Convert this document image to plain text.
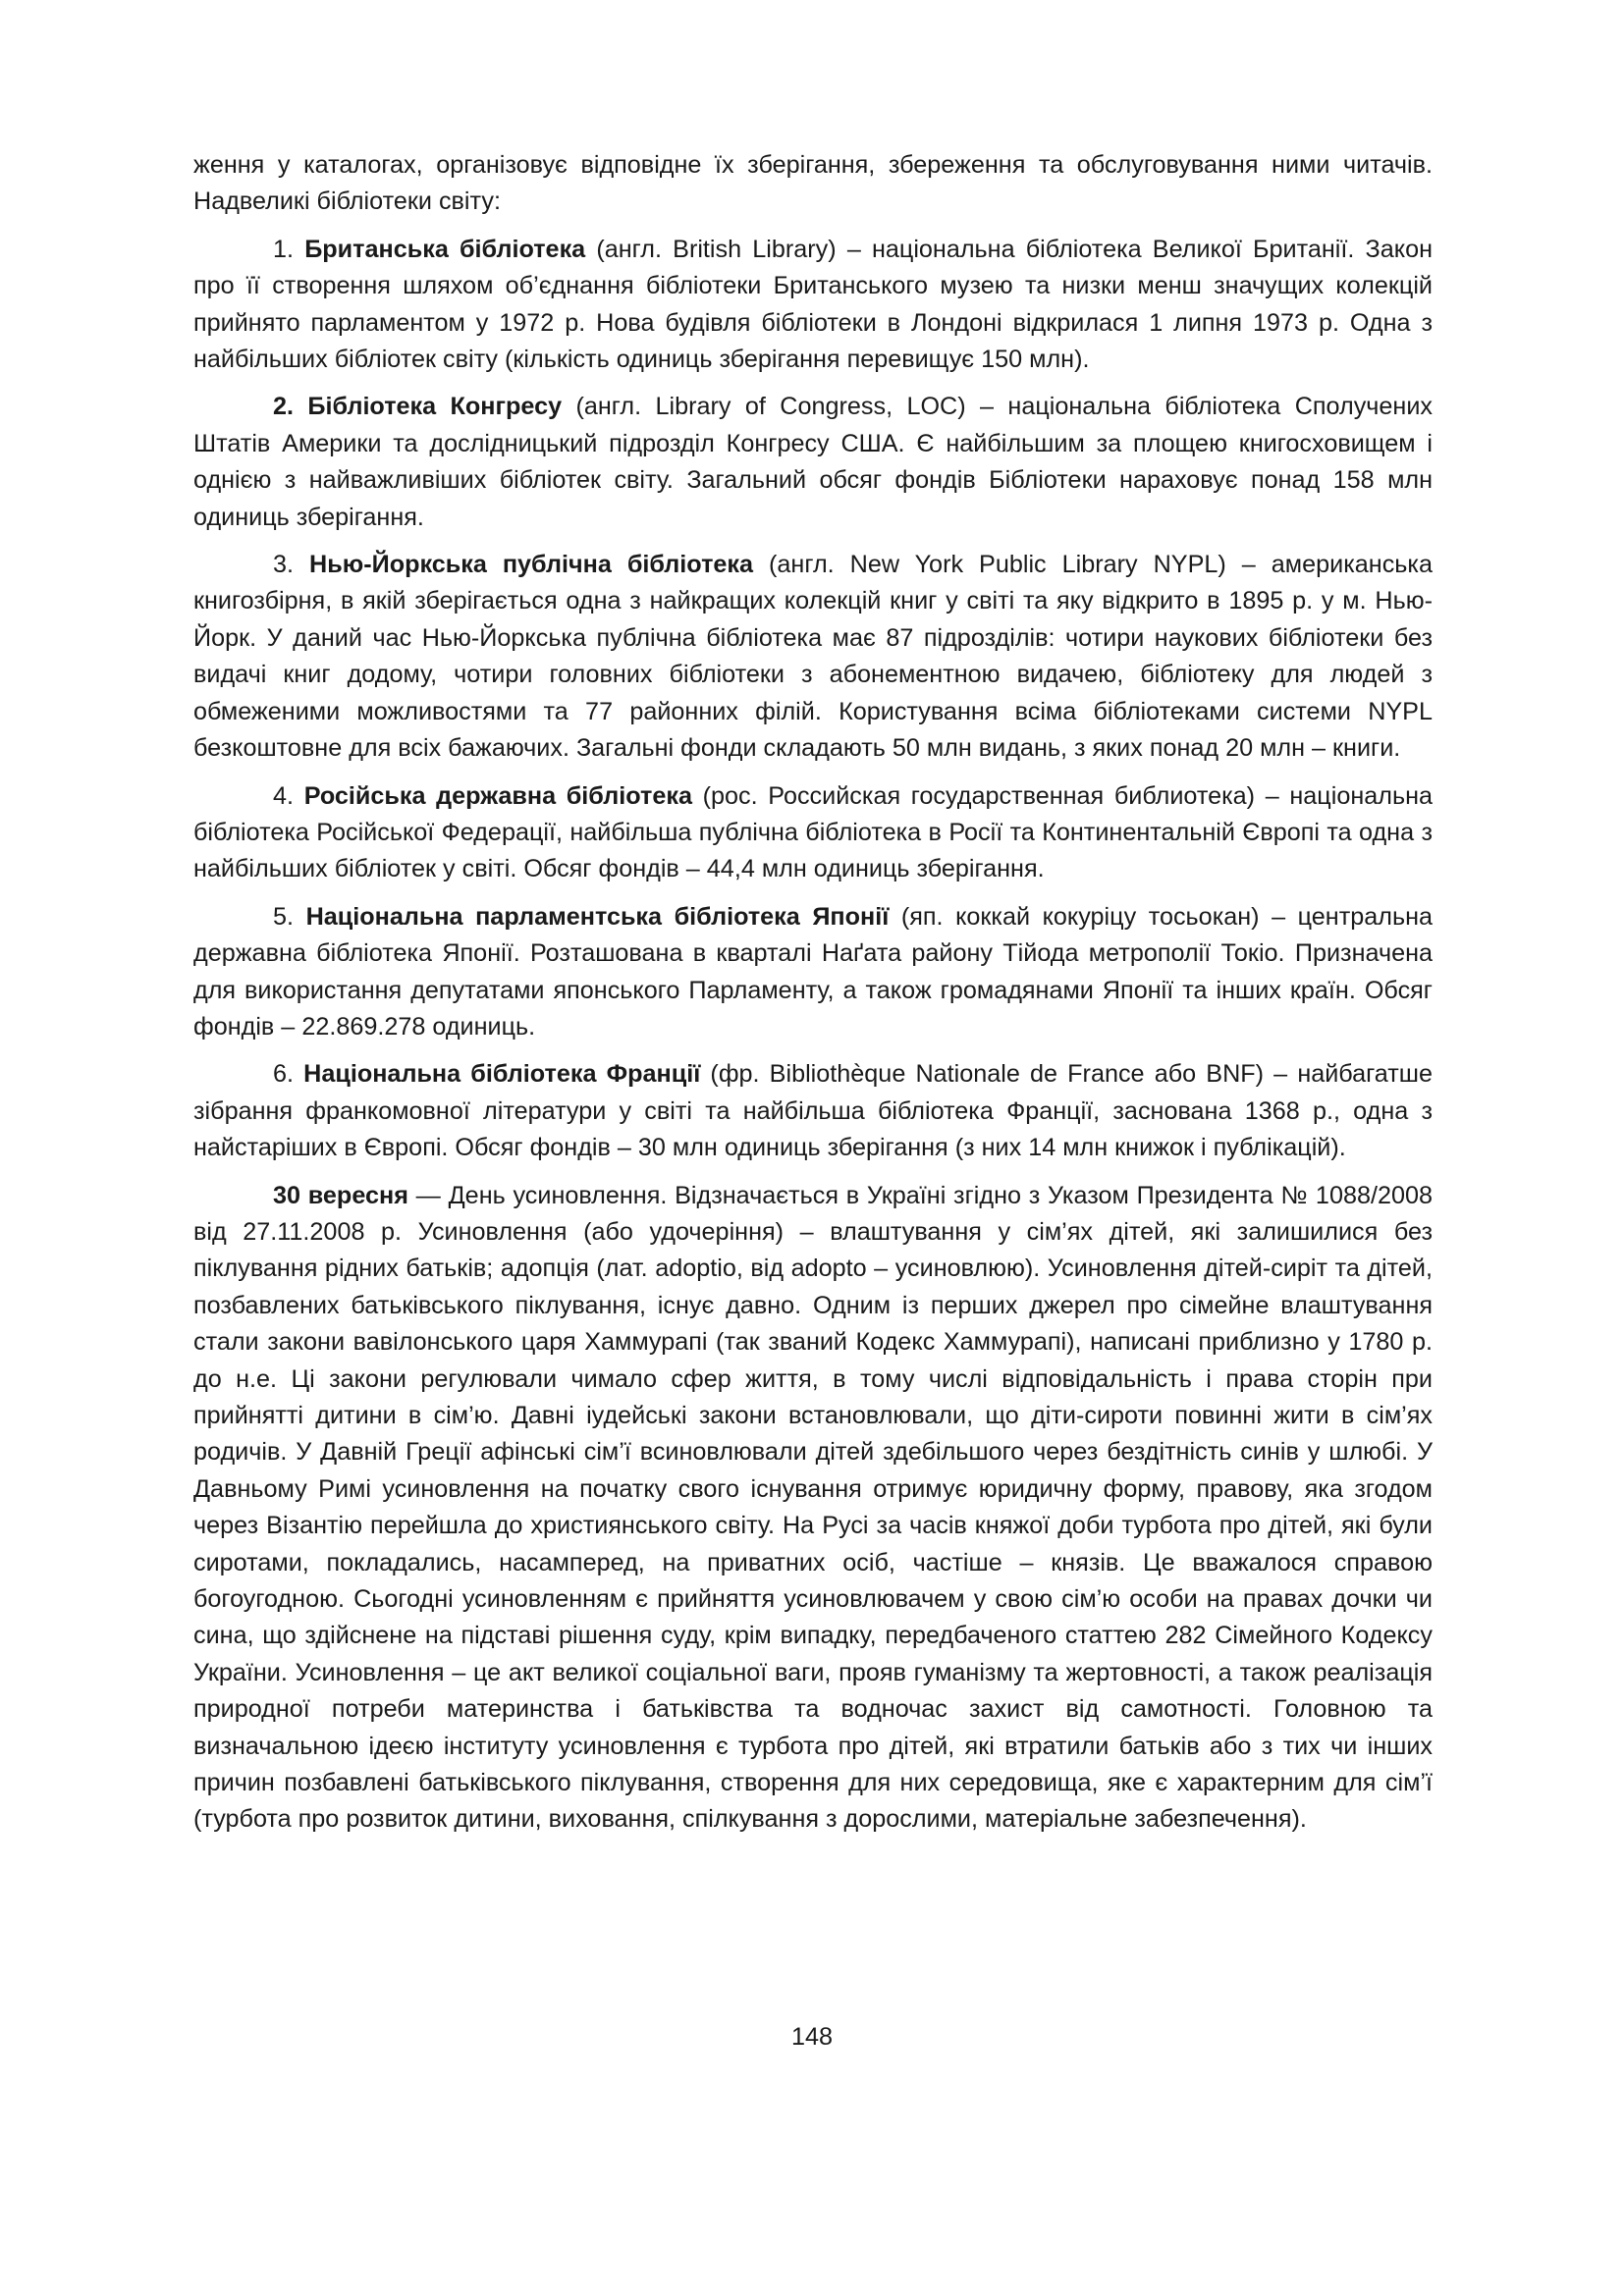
ження у каталогах, організовує відповідне їх зберігання, збереження та обслуговування ними читачів. Надвеликі бібліотеки світу:

1. Британська бібліотека (англ. British Library) – національна бібліотека Великої Британії. Закон про її створення шляхом об’єднання бібліотеки Британського музею та низки менш значущих колекцій прийнято парламентом у 1972 р. Нова будівля бібліотеки в Лондоні відкрилася 1 липня 1973 р. Одна з найбільших бібліотек світу (кількість одиниць зберігання перевищує 150 млн).

2. Бібліотека Конгресу (англ. Library of Congress, LOC) – національна бібліотека Сполучених Штатів Америки та дослідницький підрозділ Конгресу США. Є найбільшим за площею книгосховищем і однією з найважливіших бібліотек світу. Загальний обсяг фондів Бібліотеки нараховує понад 158 млн одиниць зберігання.

3. Нью-Йоркська публічна бібліотека (англ. New York Public Library NYPL) – американська книгозбірня, в якій зберігається одна з найкращих колекцій книг у світі та яку відкрито в 1895 р. у м. Нью-Йорк. У даний час Нью-Йоркська публічна бібліотека має 87 підрозділів: чотири наукових бібліотеки без видачі книг додому, чотири головних бібліотеки з абонементною видачею, бібліотеку для людей з обмеженими можливостями та 77 районних філій. Користування всіма бібліотеками системи NYPL безкоштовне для всіх бажаючих. Загальні фонди складають 50 млн видань, з яких понад 20 млн – книги.

4. Російська державна бібліотека (рос. Российская государственная библиотека) – національна бібліотека Російської Федерації, найбільша публічна бібліотека в Росії та Континентальній Європі та одна з найбільших бібліотек у світі. Обсяг фондів – 44,4 млн одиниць зберігання.

5. Національна парламентська бібліотека Японії (яп. коккай кокуріцу тосьокан) – центральна державна бібліотека Японії. Розташована в кварталі Наґата району Тійода метрополії Токіо. Призначена для використання депутатами японського Парламенту, а також громадянами Японії та інших країн. Обсяг фондів – 22.869.278 одиниць.

6. Національна бібліотека Франції (фр. Bibliothèque Nationale de France або BNF) – найбагатше зібрання франкомовної літератури у світі та найбільша бібліотека Франції, заснована 1368 р., одна з найстаріших в Європі. Обсяг фондів – 30 млн одиниць зберігання (з них 14 млн книжок і публікацій).

30 вересня — День усиновлення. Відзначається в Україні згідно з Указом Президента № 1088/2008 від 27.11.2008 р. Усиновлення (або удочеріння) – влаштування у сім’ях дітей, які залишилися без піклування рідних батьків; адопція (лат. adoptio, від adopto – усиновлюю). Усиновлення дітей-сиріт та дітей, позбавлених батьківського піклування, існує давно. Одним із перших джерел про сімейне влаштування стали закони вавілонського царя Хаммурапі (так званий Кодекс Хаммурапі), написані приблизно у 1780 р. до н.е. Ці закони регулювали чимало сфер життя, в тому числі відповідальність і права сторін при прийнятті дитини в сім’ю. Давні іудейські закони встановлювали, що діти-сироти повинні жити в сім’ях родичів. У Давній Греції афінські сім’ї всиновлювали дітей здебільшого через бездітність синів у шлюбі. У Давньому Римі усиновлення на початку свого існування отримує юридичну форму, правову, яка згодом через Візантію перейшла до християнського світу. На Русі за часів княжої доби турбота про дітей, які були сиротами, покладались, насамперед, на приватних осіб, частіше – князів. Це вважалося справою богоугодною. Сьогодні усиновленням є прийняття усиновлювачем у свою сім’ю особи на правах дочки чи сина, що здійснене на підставі рішення суду, крім випадку, передбаченого статтею 282 Сімейного Кодексу України. Усиновлення – це акт великої соціальної ваги, прояв гуманізму та жертовності, а також реалізація природної потреби материнства і батьківства та водночас захист від самотності. Головною та визначальною ідеєю інституту усиновлення є турбота про дітей, які втратили батьків або з тих чи інших причин позбавлені батьківського піклування, створення для них середовища, яке є характерним для сім’ї (турбота про розвиток дитини, виховання, спілкування з дорослими, матеріальне забезпечення).

148
